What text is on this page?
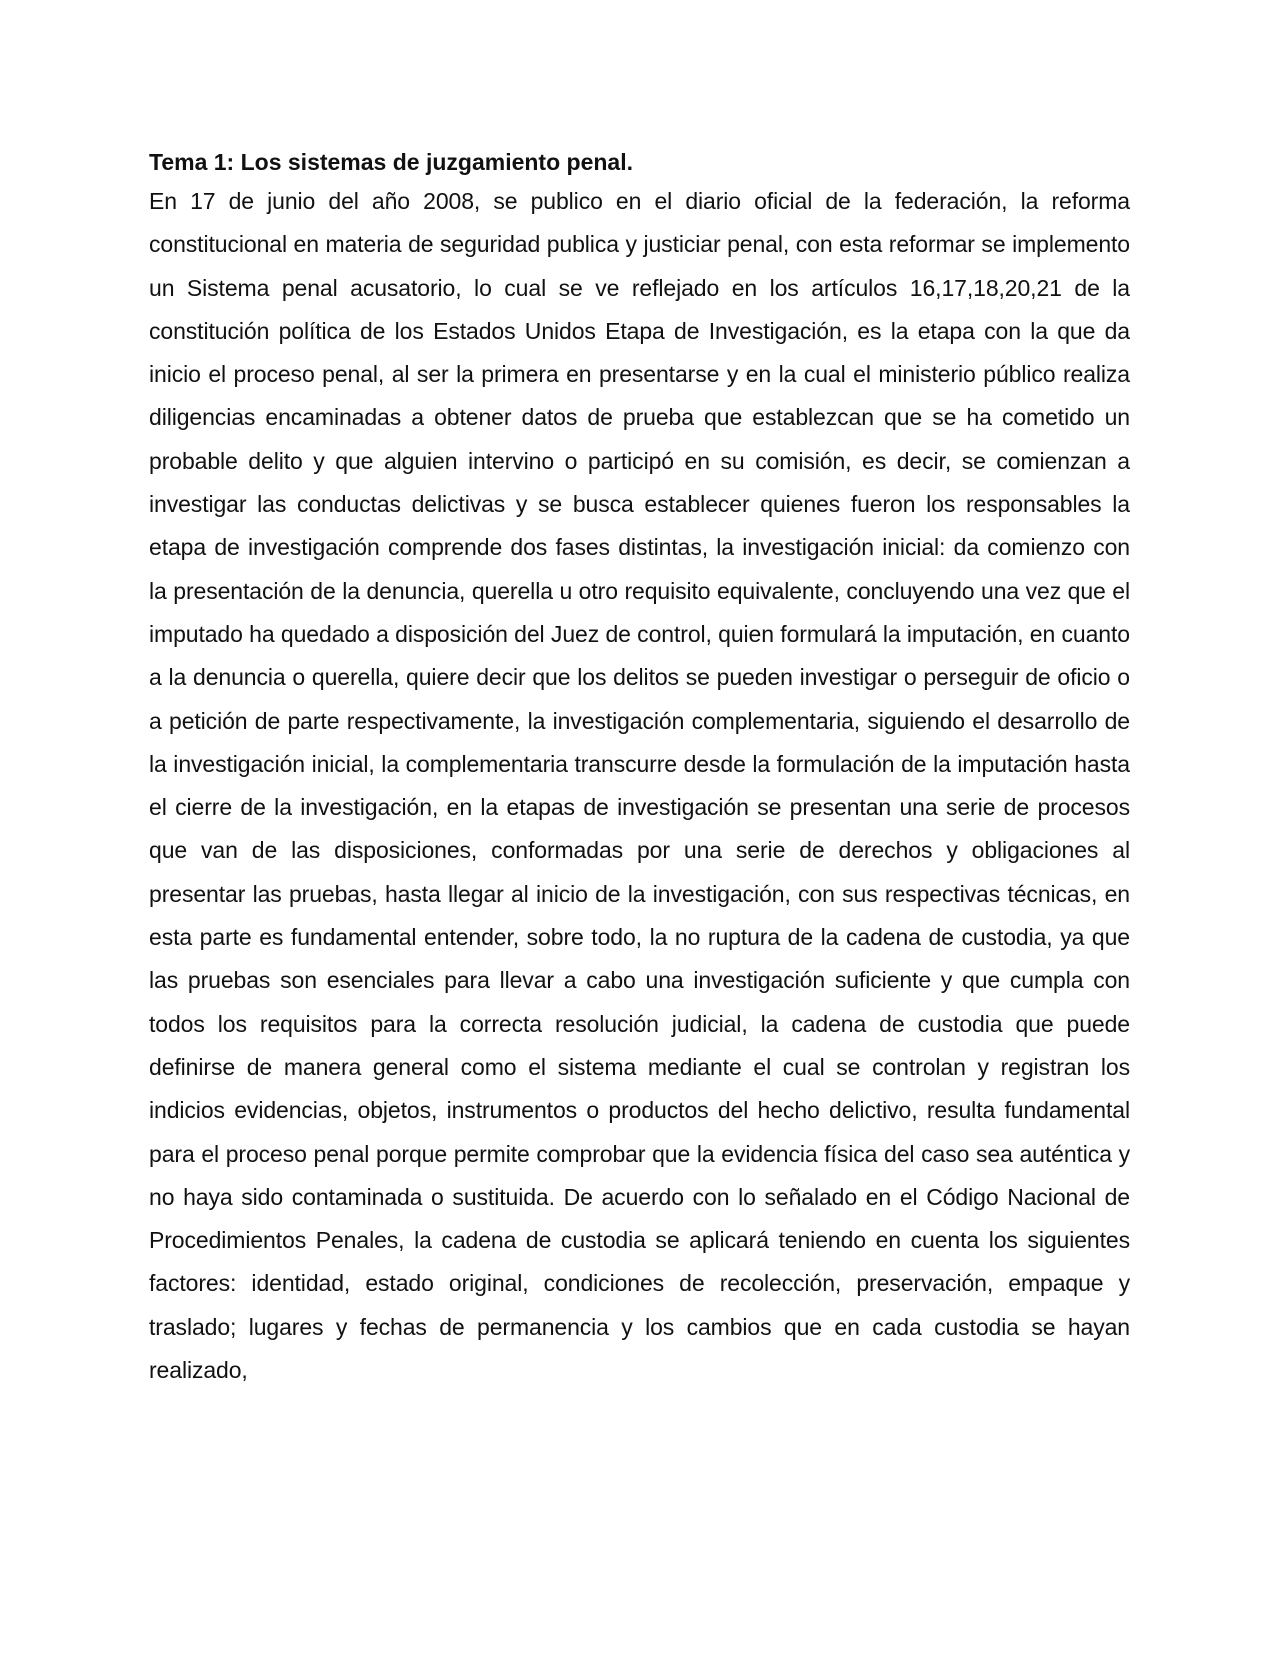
Tema 1: Los sistemas de juzgamiento penal.

En 17 de junio del año 2008, se publico en el diario oficial de la federación, la reforma constitucional en materia de seguridad publica y justiciar penal, con esta reformar se implemento un Sistema penal acusatorio, lo cual se ve reflejado en los artículos 16,17,18,20,21 de la constitución política de los Estados Unidos Etapa de Investigación, es la etapa con la que da inicio el proceso penal, al ser la primera en presentarse y en la cual el ministerio público realiza diligencias encaminadas a obtener datos de prueba que establezcan que se ha cometido un probable delito y que alguien intervino o participó en su comisión, es decir, se comienzan a investigar las conductas delictivas y se busca establecer quienes fueron los responsables la etapa de investigación comprende dos fases distintas, la investigación inicial: da comienzo con la presentación de la denuncia, querella u otro requisito equivalente, concluyendo una vez que el imputado ha quedado a disposición del Juez de control, quien formulará la imputación, en cuanto a la denuncia o querella, quiere decir que los delitos se pueden investigar o perseguir de oficio o a petición de parte respectivamente, la investigación complementaria, siguiendo el desarrollo de la investigación inicial, la complementaria transcurre desde la formulación de la imputación hasta el cierre de la investigación, en la etapas de investigación se presentan una serie de procesos que van de las disposiciones, conformadas por una serie de derechos y obligaciones al presentar las pruebas, hasta llegar al inicio de la investigación, con sus respectivas técnicas, en esta parte es fundamental entender, sobre todo, la no ruptura de la cadena de custodia, ya que las pruebas son esenciales para llevar a cabo una investigación suficiente y que cumpla con todos los requisitos para la correcta resolución judicial, la cadena de custodia que puede definirse de manera general como el sistema mediante el cual se controlan y registran los indicios evidencias, objetos, instrumentos o productos del hecho delictivo, resulta fundamental para el proceso penal porque permite comprobar que la evidencia física del caso sea auténtica y no haya sido contaminada o sustituida. De acuerdo con lo señalado en el Código Nacional de Procedimientos Penales, la cadena de custodia se aplicará teniendo en cuenta los siguientes factores: identidad, estado original, condiciones de recolección, preservación, empaque y traslado; lugares y fechas de permanencia y los cambios que en cada custodia se hayan realizado,
